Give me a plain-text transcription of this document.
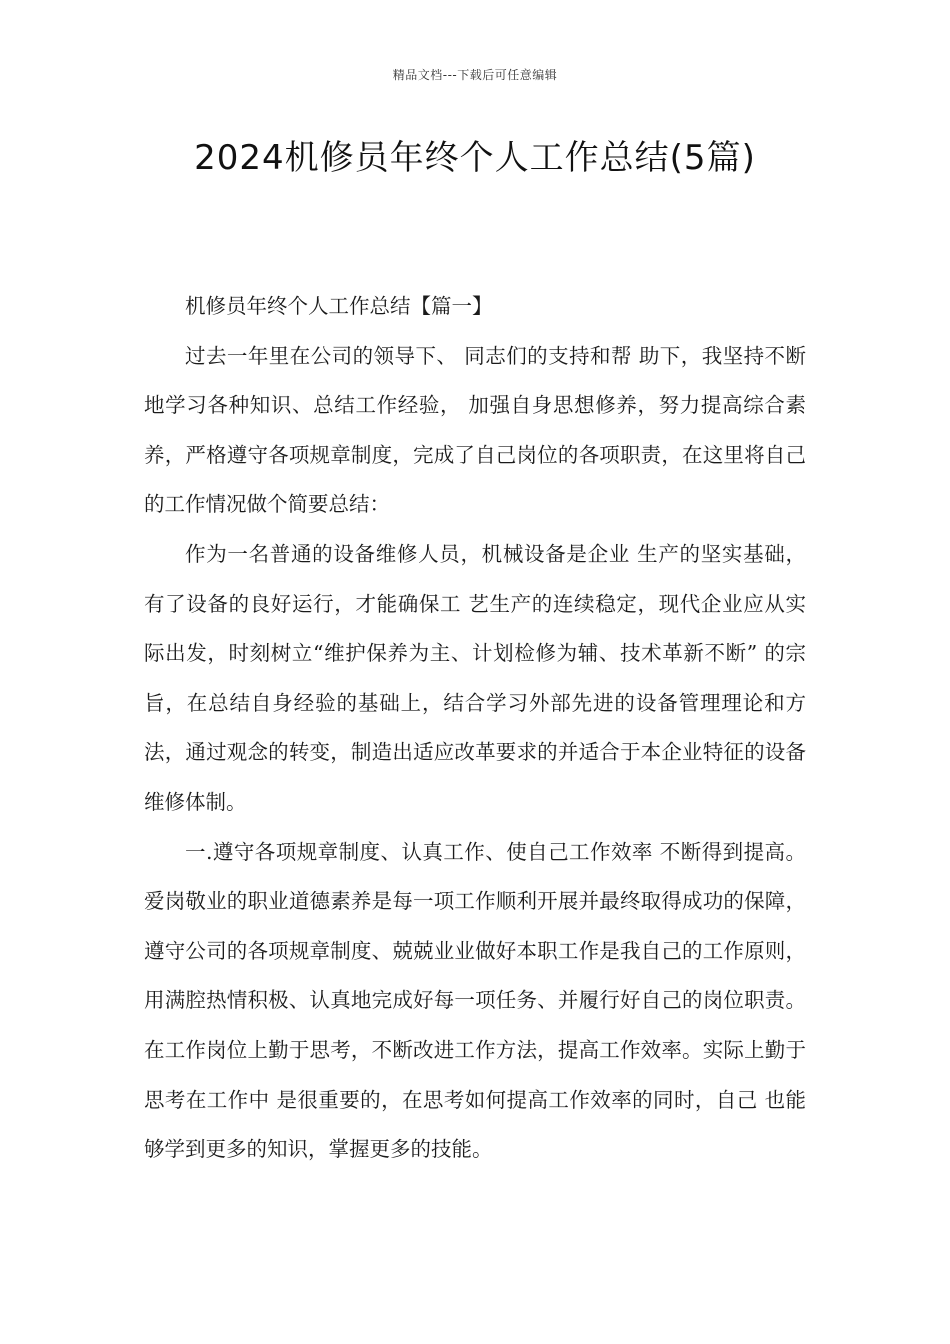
精品文档---下载后可任意编辑
2024机修员年终个人工作总结(5篇)

机修员年终个人工作总结【篇一】

过去一年里在公司的领导下、 同志们的支持和帮 助下，我坚持不断地学习各种知识、总结工作经验， 加强自身思想修养，努力提高综合素养，严格遵守各项规章制度，完成了自己岗位的各项职责，在这里将自己的工作情况做个简要总结：

作为一名普通的设备维修人员，机械设备是企业 生产的坚实基础，有了设备的良好运行，才能确保工 艺生产的连续稳定，现代企业应从实际出发，时刻树立“维护保养为主、计划检修为辅、技术革新不断” 的宗旨，在总结自身经验的基础上，结合学习外部先进的设备管理理论和方法，通过观念的转变，制造出适应改革要求的并适合于本企业特征的设备维修体制。

一.遵守各项规章制度、认真工作、使自己工作效率 不断得到提高。 爱岗敬业的职业道德素养是每一项工作顺利开展并最终取得成功的保障，遵守公司的各项规章制度、兢兢业业做好本职工作是我自己的工作原则，用满腔热情积极、认真地完成好每一项任务、并履行好自己的岗位职责。在工作岗位上勤于思考，不断改进工作方法，提高工作效率。实际上勤于思考在工作中 是很重要的，在思考如何提高工作效率的同时，自己 也能够学到更多的知识，掌握更多的技能。
